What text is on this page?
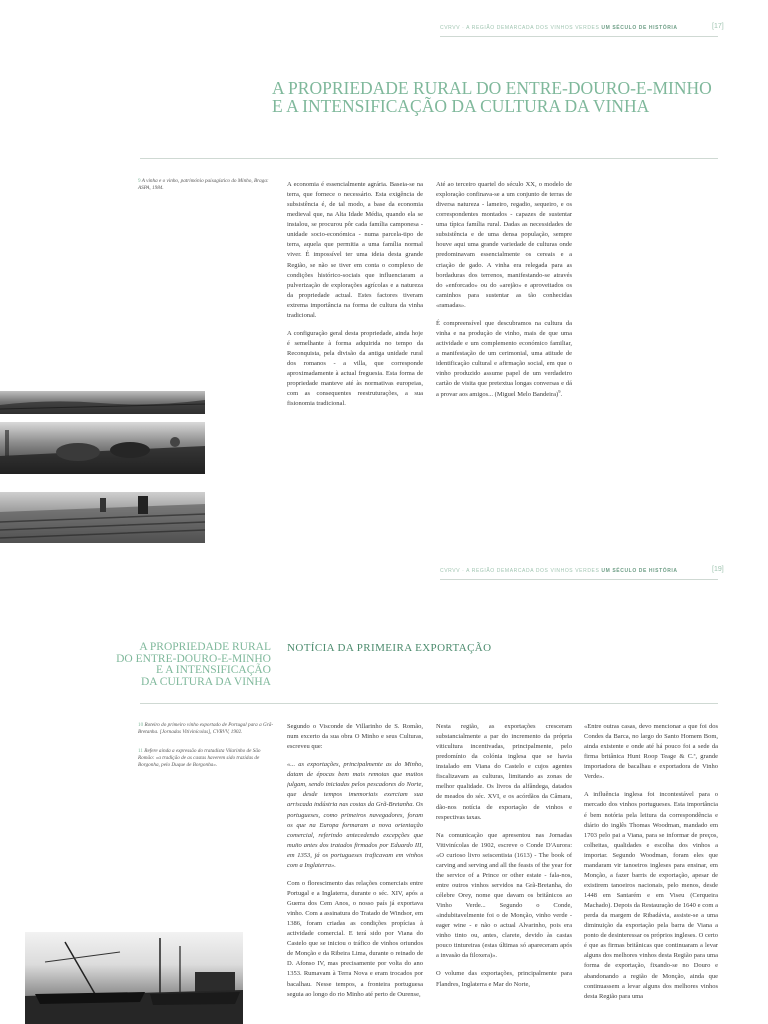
CVRVV · A REGIÃO DEMARCADA DOS VINHOS VERDES UM SÉCULO DE HISTÓRIA	[17]
A PROPRIEDADE RURAL DO ENTRE-DOURO-E-MINHO
E A INTENSIFICAÇÃO DA CULTURA DA VINHA
9 A vinha e o vinho, património paisagístico do Minho, Braga: ASPA, 1984.

A economia é essencialmente agrária. Baseia-se na terra, que fornece o necessário. Esta exigência de subsistência é, de tal modo, a base da economia medieval que, na Alta Idade Média, quando ela se instalou, se procurou pôr cada família camponesa - unidade socio-económica - numa parcela-tipo de terra, aquela que permitia a uma família normal viver. É impossível ter uma ideia desta grande Região, se não se tiver em conta o complexo de condições histórico-sociais que influenciaram a pulverização de explorações agrícolas e a natureza da propriedade actual. Estes factores tiveram extrema importância na forma de cultura da vinha tradicional.

A configuração geral desta propriedade, ainda hoje é semelhante à forma adquirida no tempo da Reconquista, pela divisão da antiga unidade rural dos romanos - a villa, que corresponde aproximadamente à actual freguesia. Esta forma de propriedade manteve até às normativas europeias, com as consequentes reestruturações, a sua fisionomia tradicional.

Até ao terceiro quartel do século XX, o modelo de exploração confinava-se a um conjunto de terras de diversa natureza - lameiro, regadio, sequeiro, e os correspondentes montados - capazes de sustentar uma típica família rural. Dadas as necessidades de subsistência e de uma densa população, sempre houve aqui uma grande variedade de culturas onde predominavam essencialmente os cereais e a criação de gado. A vinha era relegada para as bordaduras dos terrenos, manifestando-se através do «enforcado» ou do «arejão» e aproveitados os caminhos para sustentar as tão conhecidas «ramadas».

É compreensível que descubramos na cultura da vinha e na produção de vinho, mais de que uma actividade e um complemento económico familiar, a manifestação de um cerimonial, uma atitude de identificação cultural e afirmação social, em que o vinho produzido assume papel de um verdadeiro cartão de visita que pretextua longas conversas e dá a provar aos amigos... (Miguel Melo Bandeira)$^9$.

CVRVV · A REGIÃO DEMARCADA DOS VINHOS VERDES UM SÉCULO DE HISTÓRIA	[19]
A PROPRIEDADE RURAL
DO ENTRE-DOURO-E-MINHO
E A INTENSIFICAÇÃO
DA CULTURA DA VINHA
NOTÍCIA DA PRIMEIRA EXPORTAÇÃO
10 Roteiro do primeiro vinho exportado de Portugal para a Grã-Bretanha. [Jornadas Vitivinícolas], CVRVV, 1902.
11 Refere ainda a expressão do tratadista Vilarinho de São Romão: «a tradição de as castas haverem sido trazidas de Borgonha, pelo Duque de Borgonha».

Segundo o Visconde de Villarinho de S. Romão, num excerto da sua obra O Minho e seus Culturas, escreveu que:

«... as exportações, principalmente as do Minho, datam de épocas bem mais remotas que muitos julgam, sendo iniciadas pelos pescadores do Norte, que desde tempos imemoriais exerciam sua arriscada indústria nas costas da Grã-Bretanha. Os portugueses, como primeiros navegadores, foram os que na Europa formaram a nova orientação comercial, referindo antecedendo excepções que muito antes dos tratados firmados por Eduardo III, em 1353, já os portugueses traficavam em vinhos com a Inglaterra».

Com o florescimento das relações comerciais entre Portugal e a Inglaterra, durante o séc. XIV, após a Guerra dos Cem Anos, o nosso país já exportava vinho. Com a assinatura do Tratado de Windsor, em 1386, foram criadas as condições propícias à actividade comercial. E terá sido por Viana do Castelo que se iniciou o tráfico de vinhos oriundos de Monção e da Ribeira Lima, durante o reinado de D. Afonso IV, mas precisamente por volta do ano 1353. Rumavam à Terra Nova e eram trocados por bacalhau. Nesse tempos, a fronteira portuguesa seguia ao longo do rio Minho até perto de Ourense,

Nesta região, as exportações cresceram substancialmente a par do incremento da própria viticultura incentivadas, principalmente, pelo predomínio da colónia inglesa que se havia instalado em Viana do Castelo e cujos agentes fiscalizavam as culturas, limitando as zonas de melhor qualidade. Os livros da alfândega, datados de meados do séc. XVI, e os acórdãos da Câmara, dão-nos notícia de exportação de vinhos e respectivas taxas.

Na comunicação que apresentou nas Jornadas Vitivinícolas de 1902, escreve o Conde D'Aurora: «O curioso livro seiscentista (1613) - The book of carving and serving and all the feasts of the year for the service of a Prince or other estate - fala-nos, entre outros vinhos servidos na Grã-Bretanha, do célebre Orey, nome que davam os britânicos ao Vinho Verde... Segundo o Conde, «indubitavelmente foi o de Monção, vinho verde - eager wine - e não o actual Alvarinho, pois era vinho tinto ou, antes, clarete, devido às castas pouco tintureiras (estas últimas só apareceram após a invasão da filoxera)».

O volume das exportações, principalmente para Flandres, Inglaterra e Mar do Norte,

«Entre outras casas, devo mencionar a que foi dos Condes da Barca, no largo do Santo Homem Bom, ainda existente e onde até há pouco foi a sede da firma britânica Hunt Roop Teage & C.ª, grande importadora de bacalhau e exportadora de Vinho Verde».

A influência inglesa foi incontestável para o mercado dos vinhos portugueses. Esta importância é bem notória pela leitura da correspondência e diário do inglês Thomas Woodman, mandado em 1703 pelo pai a Viana, para se informar de preços, colheitas, qualidades e escolha dos vinhos a importar. Segundo Woodman, foram eles que mandaram vir tanoeiros ingleses para ensinar, em Monção, a fazer barris de exportação, apesar de existirem tanoeiros nacionais, pelo menos, desde 1448 em Santarém e em Viseu (Cerqueira Machado). Depois da Restauração de 1640 e com a perda da margem de Ribadávia, assiste-se a uma diminuição da exportação pela barra de Viana a ponto de desinteressar os próprios ingleses. O certo é que as firmas britânicas que continuaram a levar alguns dos melhores vinhos desta Região para uma forma de exportação, fixando-se no Douro e abandonando a região de Monção, ainda que continuassem a levar alguns dos melhores vinhos desta Região para uma
